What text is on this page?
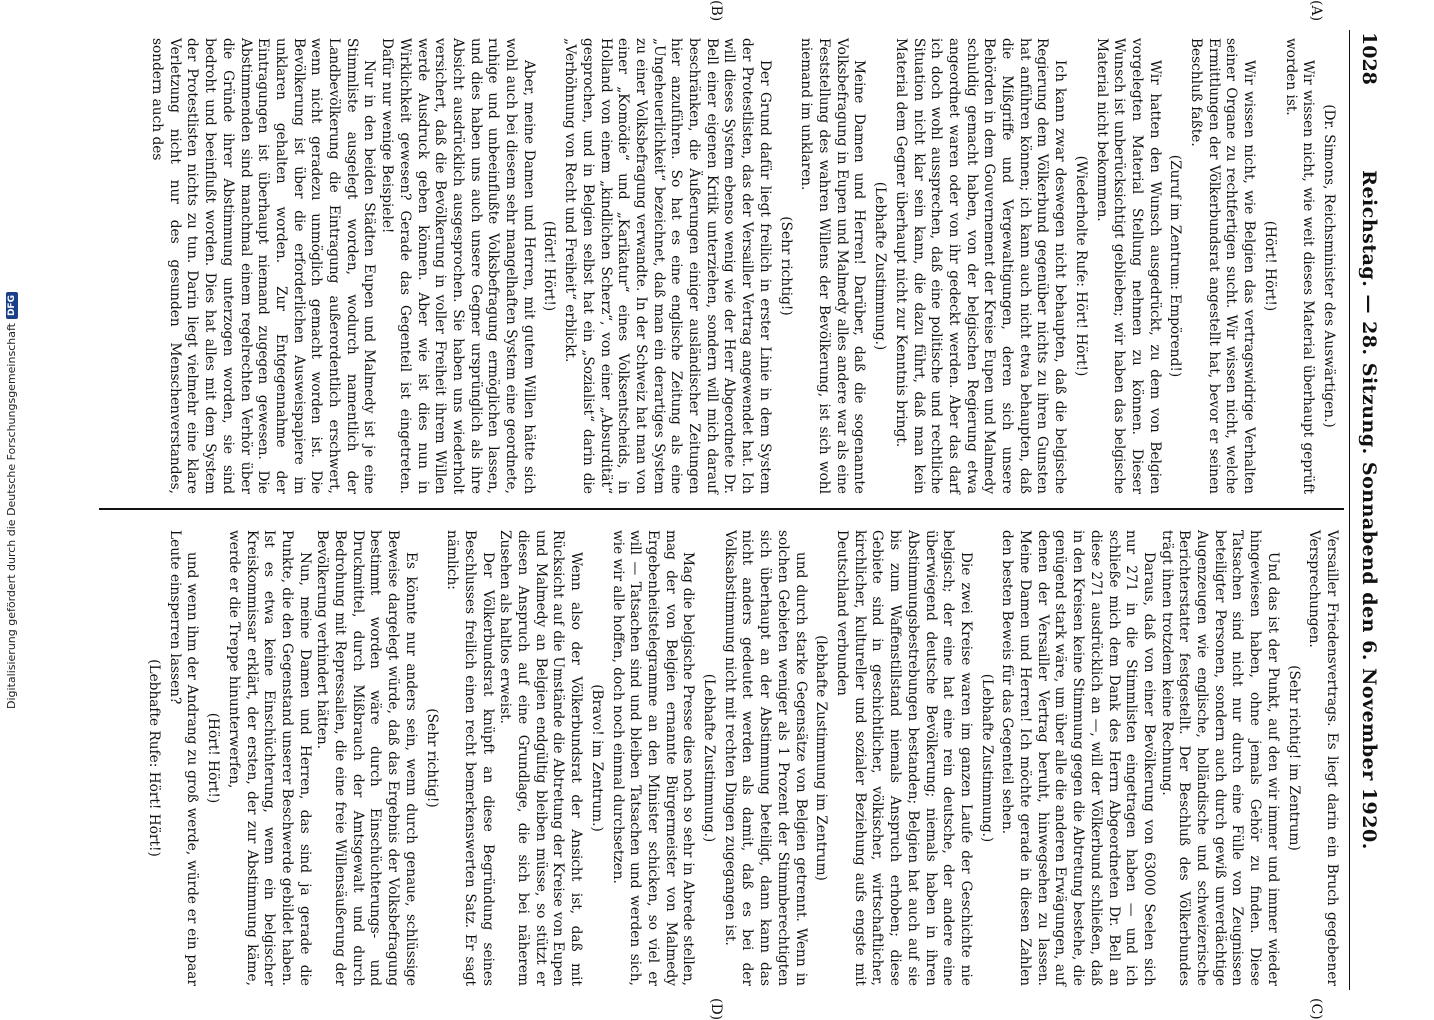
1028
Reichstag. — 28. Sitzung. Sonnabend den 6. November 1920.
(A)
(B)
(C)
(D)
(Dr. Simons, Reichsminister des Auswärtigen.)

Wir wissen nicht, wie weit dieses Material überhaupt geprüft worden ist.

(Hört! Hört!)

Wir wissen nicht, wie Belgien das vertragswidrige Verhalten seiner Organe zu rechtfertigen sucht. Wir wissen nicht, welche Ermittlungen der Völkerbundsrat angestellt hat, bevor er seinen Beschluß faßte.

(Zuruf im Zentrum: Empörend!)

Wir hatten den Wunsch ausgedrückt, zu dem von Belgien vorgelegten Material Stellung nehmen zu können. Dieser Wunsch ist unberücksichtigt geblieben; wir haben das belgische Material nicht bekommen.

(Wiederholte Rufe: Hört! Hört!)

Ich kann zwar deswegen nicht behaupten, daß die belgische Regierung dem Völkerbund gegenüber nichts zu ihren Gunsten hat anführen können; ich kann auch nicht etwa behaupten, daß die Mißgriffe und Vergewaltigungen, deren sich unsere Behörden in dem Gouvernement der Kreise Eupen und Malmedy schuldig gemacht haben, von der belgischen Regierung etwa angeordnet waren oder von ihr gedeckt werden. Aber das darf ich doch wohl aussprechen, daß eine politische und rechtliche Situation nicht klar sein kann, die dazu führt, daß man kein Material dem Gegner überhaupt nicht zur Kenntnis bringt.

(Lebhafte Zustimmung.)

Meine Damen und Herren! Darüber, daß die sogenannte Volksbefragung in Eupen und Malmedy alles andere war als eine Feststellung des wahren Willens der Bevölkerung, ist sich wohl niemand im unklaren.

(Sehr richtig!)

Der Grund dafür liegt freilich in erster Linie in dem System der Protestlisten, das der Versailler Vertrag angewendet hat. Ich will dieses System ebenso wenig wie der Herr Abgeordnete Dr. Bell einer eigenen Kritik unterziehen, sondern will mich darauf beschränken, die Äußerungen einiger ausländischer Zeitungen hier anzuführen. So hat es eine englische Zeitung als eine „Ungeheuerlichkeit“ bezeichnet, daß man ein derartiges System zu einer Volksbefragung verwandte. In der Schweiz hat man von einer „Komödie“ und „Karikatur“ eines Volksentscheids, in Holland von einem „kindlichen Scherz“, von einer „Absurdität“ gesprochen, und in Belgien selbst hat ein „Sozialist“ darin die „Verhöhnung von Recht und Freiheit“ erblickt.

(Hört! Hört!)

Aber, meine Damen und Herren, mit gutem Willen hätte sich wohl auch bei diesem sehr mangelhaften System eine geordnete, ruhige und unbeeinflußte Volksbefragung ermöglichen lassen, und dies haben uns auch unsere Gegner ursprünglich als ihre Absicht ausdrücklich ausgesprochen. Sie haben uns wiederholt versichert, daß die Bevölkerung in voller Freiheit ihrem Willen werde Ausdruck geben können. Aber wie ist dies nun in Wirklichkeit gewesen? Gerade das Gegenteil ist eingetreten. Dafür nur wenige Beispiele!

Nur in den beiden Städten Eupen und Malmedy ist je eine Stimmliste ausgelegt worden, wodurch namentlich der Landbevölkerung die Eintragung außerordentlich erschwert, wenn nicht geradezu unmöglich gemacht worden ist. Die Bevölkerung ist über die erforderlichen Ausweispapiere im unklaren gehalten worden. Zur Entgegennahme der Eintragungen ist überhaupt niemand zugegen gewesen. Die Abstimmenden sind manchmal einem regelrechten Verhör über die Gründe ihrer Abstimmung unterzogen worden, sie sind bedroht und beeinflußt worden. Dies hat alles mit dem System der Protestlisten nichts zu tun. Darin liegt vielmehr eine klare Verletzung nicht nur des gesunden Menschenverstandes, sondern auch des

Versailler Friedensvertrags. Es liegt darin ein Bruch gegebener Versprechungen.

(Sehr richtig! im Zentrum)

Und das ist der Punkt, auf den wir immer und immer wieder hingewiesen haben, ohne jemals Gehör zu finden. Diese Tatsachen sind nicht nur durch eine Fülle von Zeugnissen beteiligter Personen, sondern auch durch gewiß unverdächtige Augenzeugen wie englische, holländische und schweizerische Berichterstatter festgestellt. Der Beschluß des Völkerbundes trägt ihnen trotzdem keine Rechnung.

Daraus, daß von einer Bevölkerung von 63000 Seelen sich nur 271 in die Stimmlisten eingetragen haben — und ich schließe mich dem Dank des Herrn Abgeordneten Dr. Bell an diese 271 ausdrücklich an —, will der Völkerbund schließen, daß in den Kreisen keine Stimmung gegen die Abtretung bestehe, die genügend stark wäre, um über alle die anderen Erwägungen, auf denen der Versailler Vertrag beruht, hinwegsehen zu lassen. Meine Damen und Herren! Ich möchte gerade in diesen Zahlen den besten Beweis für das Gegenteil sehen.

(Lebhafte Zustimmung.)

Die zwei Kreise waren im ganzen Laufe der Geschichte nie belgisch; der eine hat eine rein deutsche, der andere eine überwiegend deutsche Bevölkerung; niemals haben in ihren Abstimmungsbestrebungen bestanden; Belgien hat auch auf sie bis zum Waffenstillstand niemals Anspruch erhoben; diese Gebiete sind in geschichtlicher, völkischer, wirtschaftlicher, kirchlicher, kultureller und sozialer Beziehung aufs engste mit Deutschland verbunden

(lebhafte Zustimmung im Zentrum)

und durch starke Gegensätze von Belgien getrennt. Wenn in solchen Gebieten weniger als 1 Prozent der Stimmberechtigten sich überhaupt an der Abstimmung beteiligt, dann kann das nicht anders gedeutet werden als damit, daß es bei der Volksabstimmung nicht mit rechten Dingen zugegangen ist.

(Lebhafte Zustimmung.)

Mag die belgische Presse dies noch so sehr in Abrede stellen, mag der von Belgien ernannte Bürgermeister von Malmedy Ergebenheitstelegramme an den Minister schicken, so viel er will — Tatsachen sind und bleiben Tatsachen und werden sich, wie wir alle hoffen, doch noch einmal durchsetzen.

(Bravo! im Zentrum.)

Wenn also der Völkerbundsrat der Ansicht ist, daß mit Rücksicht auf die Umstände die Abtretung der Kreise von Eupen und Malmedy an Belgien endgültig bleiben müsse, so stützt er diesen Anspruch auf eine Grundlage, die sich bei näherem Zusehen als haltlos erweist.

Der Völkerbundsrat knüpft an diese Begründung seines Beschlusses freilich einen recht bemerkenswerten Satz. Er sagt nämlich:

(Sehr richtig!)

Es könnte nur anders sein, wenn durch genaue, schlüssige Beweise dargelegt würde, daß das Ergebnis der Volksbefragung bestimmt worden wäre durch Einschüchterungs- und Druckmittel, durch Mißbrauch der Amtsgewalt und durch Bedrohung mit Repressalien, die eine freie Willensäußerung der Bevölkerung verhindert hätten.

Nun, meine Damen und Herren, das sind ja gerade die Punkte, die den Gegenstand unserer Beschwerde gebildet haben. Ist es etwa keine Einschüchterung, wenn ein belgischer Kreiskommissar erklärt, der ersten, der zur Abstimmung käme, werde er die Treppe hinunterwerfen,

(Hört! Hört!)

und wenn ihm der Andrang zu groß werde, würde er ein paar Leute einsperren lassen?

(Lebhafte Rufe: Hört! Hört!)
Digitalisierung gefördert durch die Deutsche Forschungsgemeinschaft
DFG
